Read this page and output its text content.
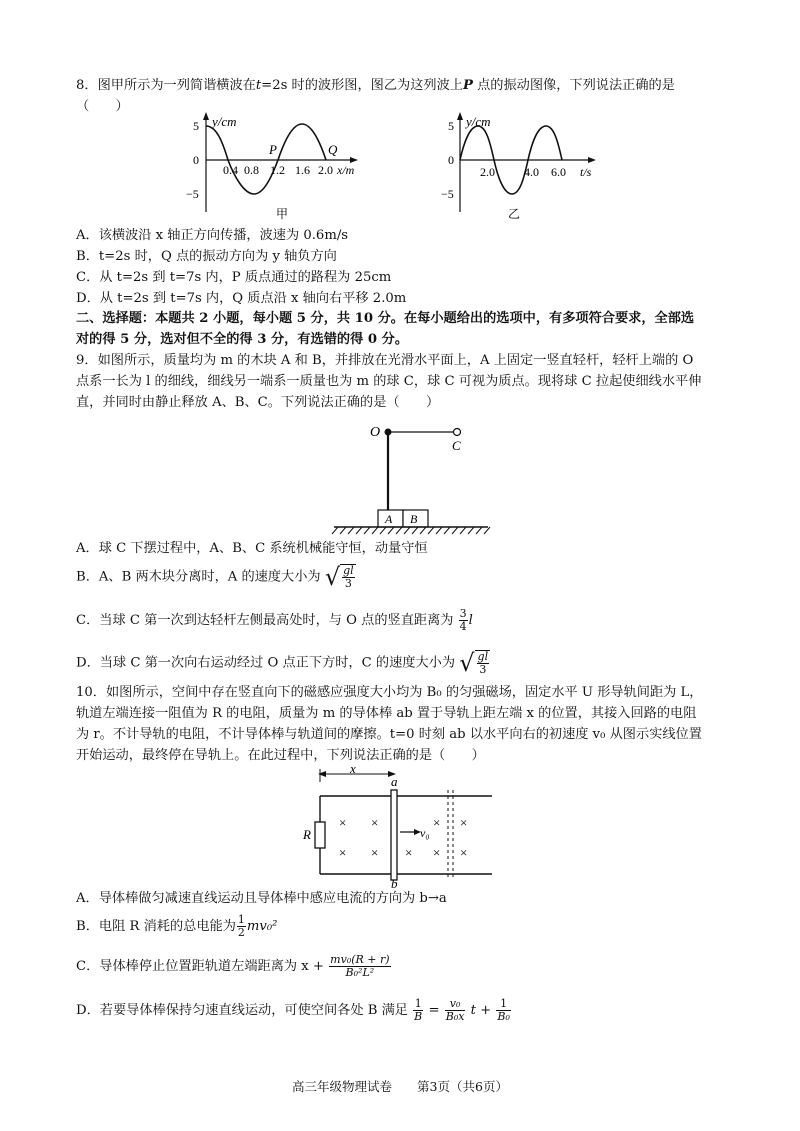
8．图甲所示为一列简谐横波在t=2s 时的波形图，图乙为这列波上P 点的振动图像，下列说法正确的是
（　　）
y/cm
5
0
−5
0.4 0.8 1.2 1.6 2.0 x/m
P	Q
甲
y/cm
5
0
−5
2.0 4.0 6.0 t/s
乙
A．该横波沿 x 轴正方向传播，波速为 0.6m/s
B．t=2s 时，Q 点的振动方向为 y 轴负方向
C．从 t=2s 到 t=7s 内，P 质点通过的路程为 25cm
D．从 t=2s 到 t=7s 内，Q 质点沿 x 轴向右平移 2.0m
二、选择题：本题共 2 小题，每小题 5 分，共 10 分。在每小题给出的选项中，有多项符合要求，全部选
对的得 5 分，选对但不全的得 3 分，有选错的得 0 分。
9．如图所示，质量均为 m 的木块 A 和 B，并排放在光滑水平面上，A 上固定一竖直轻杆，轻杆上端的 O
点系一长为 l 的细线，细线另一端系一质量也为 m 的球 C，球 C 可视为质点。现将球 C 拉起使细线水平伸
直，并同时由静止释放 A、B、C。下列说法正确的是（　　）
O
C
A B
A．球 C 下摆过程中，A、B、C 系统机械能守恒，动量守恒
B．A、B 两木块分离时，A 的速度大小为 √ $\frac{gl}{3}$
C．当球 C 第一次到达轻杆左侧最高处时，与 O 点的竖直距离为 $\frac{3}{4}$ l
D．当球 C 第一次向右运动经过 O 点正下方时，C 的速度大小为 √ $\frac{gl}{3}$
10．如图所示，空间中存在竖直向下的磁感应强度大小均为 B₀ 的匀强磁场，固定水平 U 形导轨间距为 L，
轨道左端连接一阻值为 R 的电阻，质量为 m 的导体棒 ab 置于导轨上距左端 x 的位置，其接入回路的电阻
为 r。不计导轨的电阻，不计导体棒与轨道间的摩擦。t=0 时刻 ab 以水平向右的初速度 v₀ 从图示实线位置
开始运动，最终停在导轨上。在此过程中，下列说法正确的是（　　）
x
R
a
b
v₀
× ×	× ×
× × × × ×
A．导体棒做匀减速直线运动且导体棒中感应电流的方向为 b→a
B．电阻 R 消耗的总电能为 $\frac{1}{2} mv_0^2$
C．导体棒停止位置距轨道左端距离为 $x + \frac{\text{mv₀(R + r)}}{\text{B₀²L²}}$
D．若要导体棒保持匀速直线运动，可使空间各处 B 满足 $\frac{1}{B} = \frac{\text{v₀}}{\text{B₀x}}$ $t + \frac{1}{\text{B₀}}$
高三年级物理试卷　　第3页（共6页）
